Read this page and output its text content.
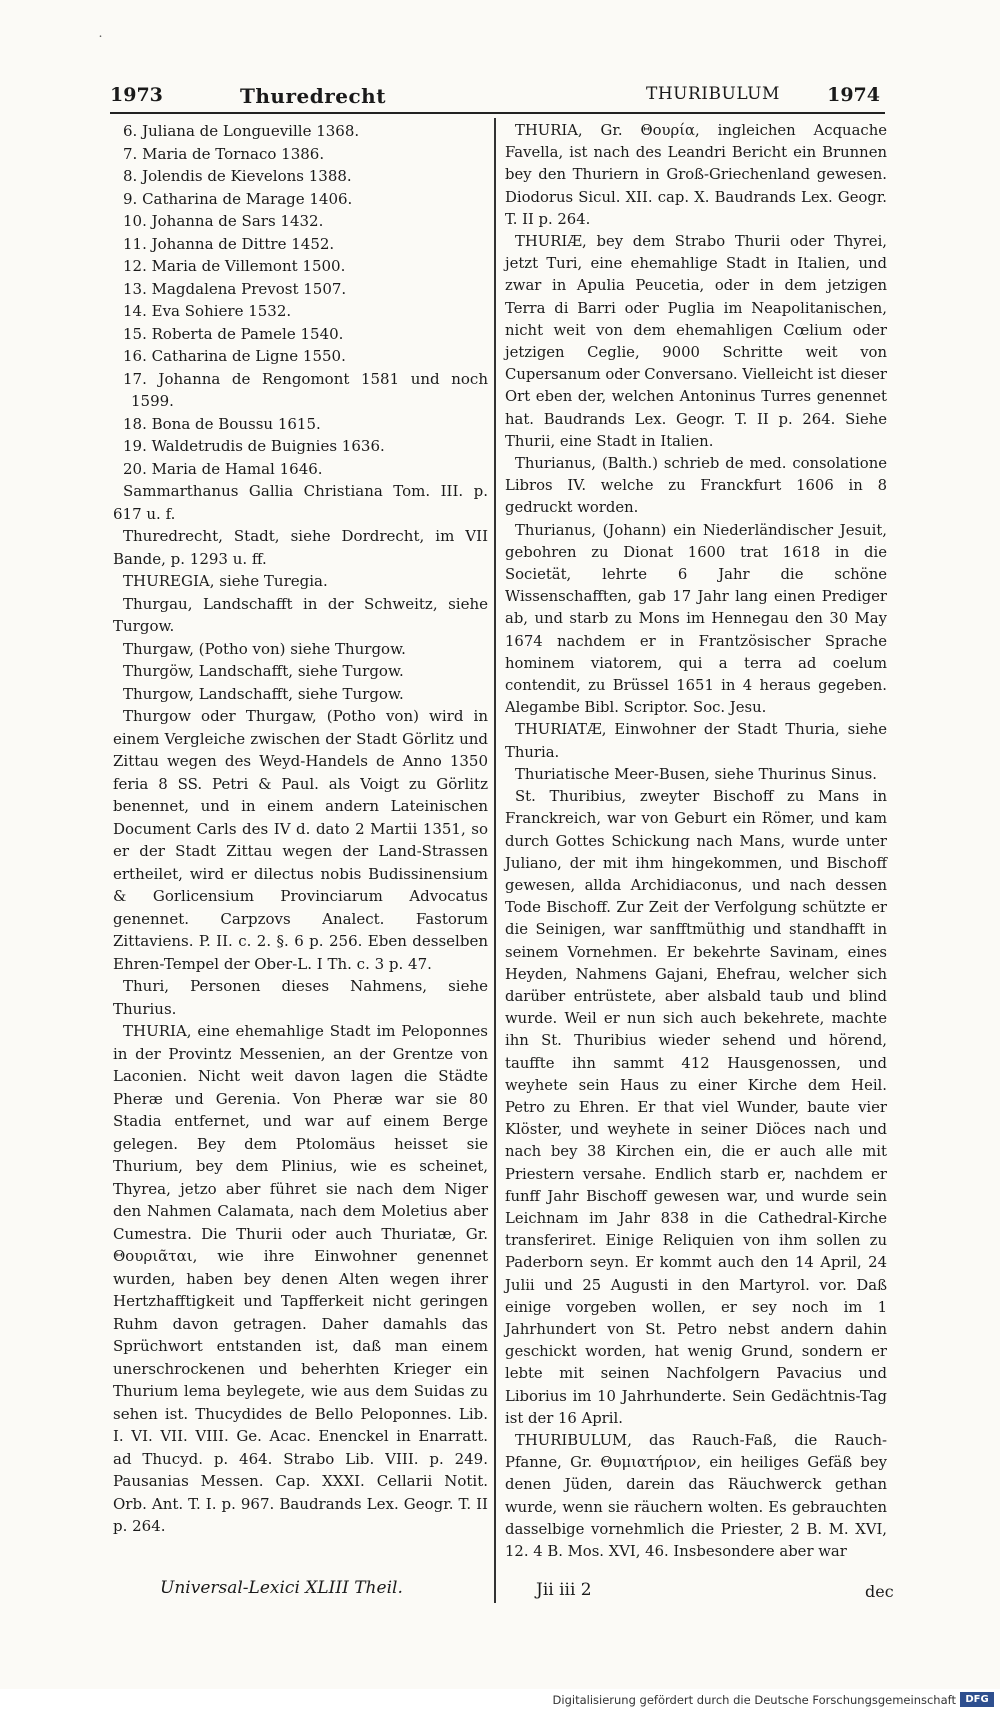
˙
1973	Thuredrecht	THURIBULUM 1974

6. Juliana de Longueville 1368.

7. Maria de Tornaco 1386.

8. Jolendis de Kievelons 1388.

9. Catharina de Marage 1406.

10. Johanna de Sars 1432.

11. Johanna de Dittre 1452.

12. Maria de Villemont 1500.

13. Magdalena Prevost 1507.

14. Eva Sohiere 1532.

15. Roberta de Pamele 1540.

16. Catharina de Ligne 1550.

17. Johanna de Rengomont 1581 und noch 1599.

18. Bona de Boussu 1615.

19. Waldetrudis de Buignies 1636.

20. Maria de Hamal 1646.

Sammarthanus Gallia Christiana Tom. III. p. 617 u. f.

Thuredrecht, Stadt, siehe Dordrecht, im VII Bande, p. 1293 u. ff.

THUREGIA, siehe Turegia.

Thurgau, Landschafft in der Schweitz, siehe Turgow.

Thurgaw, (Potho von) siehe Thurgow.

Thurgöw, Landschafft, siehe Turgow.

Thurgow, Landschafft, siehe Turgow.

Thurgow oder Thurgaw, (Potho von) wird in einem Vergleiche zwischen der Stadt Görlitz und Zittau wegen des Weyd-Handels de Anno 1350 feria 8 SS. Petri & Paul. als Voigt zu Görlitz benennet, und in einem andern Lateinischen Document Carls des IV d. dato 2 Martii 1351, so er der Stadt Zittau wegen der Land-Strassen ertheilet, wird er dilectus nobis Budissinensium & Gorlicensium Provinciarum Advocatus genennet. Carpzovs Analect. Fastorum Zittaviens. P. II. c. 2. §. 6 p. 256. Eben desselben Ehren-Tempel der Ober-L. I Th. c. 3 p. 47.

Thuri, Personen dieses Nahmens, siehe Thurius.

THURIA, eine ehemahlige Stadt im Peloponnes in der Provintz Messenien, an der Grentze von Laconien. Nicht weit davon lagen die Städte Pheræ und Gerenia. Von Pheræ war sie 80 Stadia entfernet, und war auf einem Berge gelegen. Bey dem Ptolomäus heisset sie Thurium, bey dem Plinius, wie es scheinet, Thyrea, jetzo aber führet sie nach dem Niger den Nahmen Calamata, nach dem Moletius aber Cumestra. Die Thurii oder auch Thuriatæ, Gr. Θουριᾶται, wie ihre Einwohner genennet wurden, haben bey denen Alten wegen ihrer Hertzhafftigkeit und Tapfferkeit nicht geringen Ruhm davon getragen. Daher damahls das Sprüchwort entstanden ist, daß man einem unerschrockenen und beherhten Krieger ein Thurium lema beylegete, wie aus dem Suidas zu sehen ist. Thucydides de Bello Peloponnes. Lib. I. VI. VII. VIII. Ge. Acac. Enenckel in Enarratt. ad Thucyd. p. 464. Strabo Lib. VIII. p. 249. Pausanias Messen. Cap. XXXI. Cellarii Notit. Orb. Ant. T. I. p. 967. Baudrands Lex. Geogr. T. II p. 264.

THURIA, Gr. Θουρία, ingleichen Acquache Favella, ist nach des Leandri Bericht ein Brunnen bey den Thuriern in Groß-Griechenland gewesen. Diodorus Sicul. XII. cap. X. Baudrands Lex. Geogr. T. II p. 264.

THURIÆ, bey dem Strabo Thurii oder Thyrei, jetzt Turi, eine ehemahlige Stadt in Italien, und zwar in Apulia Peucetia, oder in dem jetzigen Terra di Barri oder Puglia im Neapolitanischen, nicht weit von dem ehemahligen Cœlium oder jetzigen Ceglie, 9000 Schritte weit von Cupersanum oder Conversano. Vielleicht ist dieser Ort eben der, welchen Antoninus Turres genennet hat. Baudrands Lex. Geogr. T. II p. 264. Siehe Thurii, eine Stadt in Italien.

Thurianus, (Balth.) schrieb de med. consolatione Libros IV. welche zu Franckfurt 1606 in 8 gedruckt worden.

Thurianus, (Johann) ein Niederländischer Jesuit, gebohren zu Dionat 1600 trat 1618 in die Societät, lehrte 6 Jahr die schöne Wissenschafften, gab 17 Jahr lang einen Prediger ab, und starb zu Mons im Hennegau den 30 May 1674 nachdem er in Frantzösischer Sprache hominem viatorem, qui a terra ad coelum contendit, zu Brüssel 1651 in 4 heraus gegeben. Alegambe Bibl. Scriptor. Soc. Jesu.

THURIATÆ, Einwohner der Stadt Thuria, siehe Thuria.

Thuriatische Meer-Busen, siehe Thurinus Sinus.

St. Thuribius, zweyter Bischoff zu Mans in Franckreich, war von Geburt ein Römer, und kam durch Gottes Schickung nach Mans, wurde unter Juliano, der mit ihm hingekommen, und Bischoff gewesen, allda Archidiaconus, und nach dessen Tode Bischoff. Zur Zeit der Verfolgung schützte er die Seinigen, war sanfftmüthig und standhafft in seinem Vornehmen. Er bekehrte Savinam, eines Heyden, Nahmens Gajani, Ehefrau, welcher sich darüber entrüstete, aber alsbald taub und blind wurde. Weil er nun sich auch bekehrete, machte ihn St. Thuribius wieder sehend und hörend, tauffte ihn sammt 412 Hausgenossen, und weyhete sein Haus zu einer Kirche dem Heil. Petro zu Ehren. Er that viel Wunder, baute vier Klöster, und weyhete in seiner Diöces nach und nach bey 38 Kirchen ein, die er auch alle mit Priestern versahe. Endlich starb er, nachdem er funff Jahr Bischoff gewesen war, und wurde sein Leichnam im Jahr 838 in die Cathedral-Kirche transferiret. Einige Reliquien von ihm sollen zu Paderborn seyn. Er kommt auch den 14 April, 24 Julii und 25 Augusti in den Martyrol. vor. Daß einige vorgeben wollen, er sey noch im 1 Jahrhundert von St. Petro nebst andern dahin geschickt worden, hat wenig Grund, sondern er lebte mit seinen Nachfolgern Pavacius und Liborius im 10 Jahrhunderte. Sein Gedächtnis-Tag ist der 16 April.

THURIBULUM, das Rauch-Faß, die Rauch-Pfanne, Gr. Θυμιατήριον, ein heiliges Gefäß bey denen Jüden, darein das Räuchwerck gethan wurde, wenn sie räuchern wolten. Es gebrauchten dasselbige vornehmlich die Priester, 2 B. M. XVI, 12. 4 B. Mos. XVI, 46. Insbesondere aber war

Universal-Lexici XLIII Theil.	Jii iii 2	dec
Digitalisierung gefördert durch die Deutsche Forschungsgemeinschaft DFG
